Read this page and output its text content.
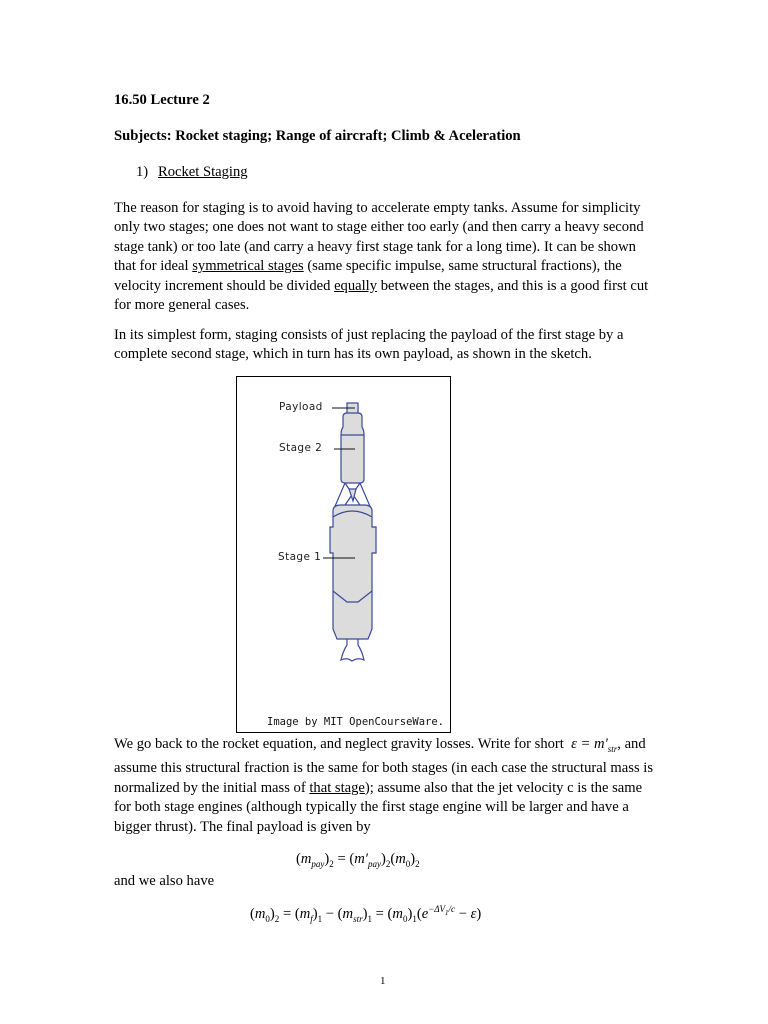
16.50 Lecture 2
Subjects: Rocket staging; Range of aircraft; Climb & Aceleration
1) Rocket Staging
The reason for staging is to avoid having to accelerate empty tanks. Assume for simplicity only two stages; one does not want to stage either too early (and then carry a heavy second stage tank) or too late (and carry a heavy first stage tank for a long time). It can be shown that for ideal symmetrical stages (same specific impulse, same structural fractions), the velocity increment should be divided equally between the stages, and this is a good first cut for more general cases.
In its simplest form, staging consists of just replacing the payload of the first stage by a complete second stage, which in turn has its own payload, as shown in the sketch.
Payload
Stage 2
Stage 1
Image by MIT OpenCourseWare.
We go back to the rocket equation, and neglect gravity losses. Write for short  $\varepsilon = m'_{str}$, and assume this structural fraction is the same for both stages (in each case the structural mass is normalized by the initial mass of that stage); assume also that the jet velocity c is the same for both stage engines (although typically the first stage engine will be larger and have a bigger thrust). The final payload is given by
$(m_{pay})_2 = (m'_{pay})_2(m_0)_2$
and we also have
$(m_0)_2 = (m_f)_1 - (m_{str})_1 = (m_0)_1(e^{-\Delta V_1/c} - \varepsilon)$
1
